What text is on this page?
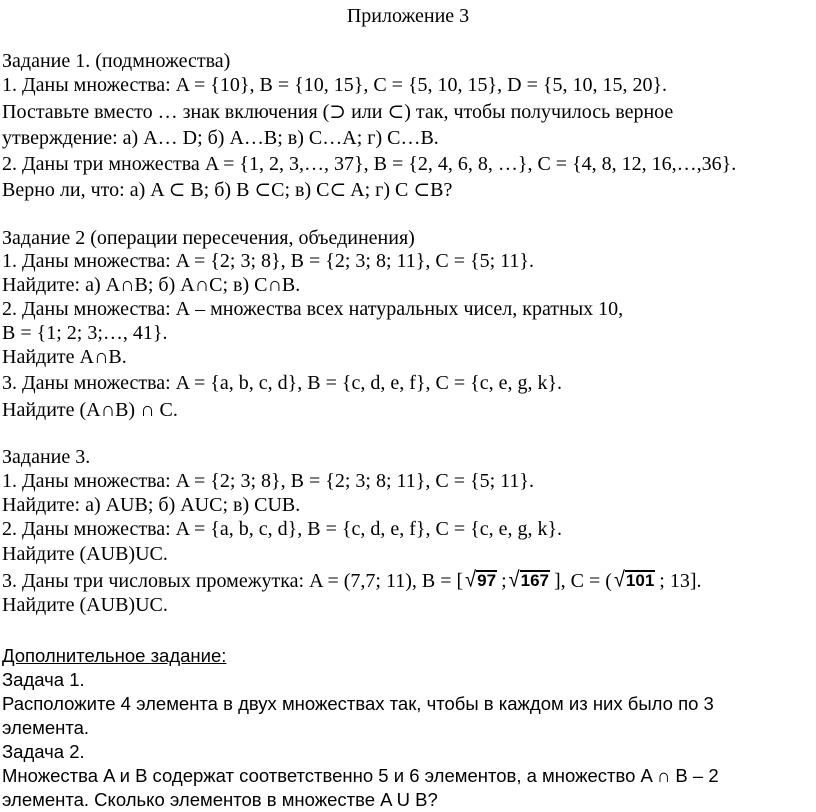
Приложение 3
Задание 1. (подмножества)
1. Даны множества: A = {10}, B = {10, 15}, C = {5, 10, 15}, D = {5, 10, 15, 20}.
Поставьте вместо … знак включения (⊃ или ⊂) так, чтобы получилось верное
утверждение: а) A… D; б) A…B; в) C…A; г) C…B.
2. Даны три множества A = {1, 2, 3,…, 37}, B = {2, 4, 6, 8, …}, C = {4, 8, 12, 16,…,36}.
Верно ли, что: а) A ⊂ B; б) B ⊂C; в) C⊂ A; г) C ⊂B?
Задание 2 (операции пересечения, объединения)
1. Даны множества: A = {2; 3; 8}, B = {2; 3; 8; 11}, C = {5; 11}.
Найдите: а) A∩B; б) A∩C; в) C∩B.
2. Даны множества: А – множества всех натуральных чисел, кратных 10,
B = {1; 2; 3;…, 41}.
Найдите A∩B.
3. Даны множества: A = {a, b, c, d}, B = {c, d, e, f}, C = {c, e, g, k}.
Найдите (A∩B) ∩ C.
Задание 3.
1. Даны множества: A = {2; 3; 8}, B = {2; 3; 8; 11}, C = {5; 11}.
Найдите: а) AUB; б) AUC; в) CUB.
2. Даны множества: A = {a, b, c, d}, B = {c, d, e, f}, C = {c, e, g, k}.
Найдите (AUB)UC.
3. Даны три числовых промежутка: A = (7,7; 11), B = [ √97 ; √167 ], C = ( √101 ; 13].
Найдите (AUB)UC.
Дополнительное задание:
Задача 1.
Расположите 4 элемента в двух множествах так, чтобы в каждом из них было по 3
элемента.
Задача 2.
Множества A и B содержат соответственно 5 и 6 элементов, а множество A ∩ B – 2
элемента. Сколько элементов в множестве A U B?
